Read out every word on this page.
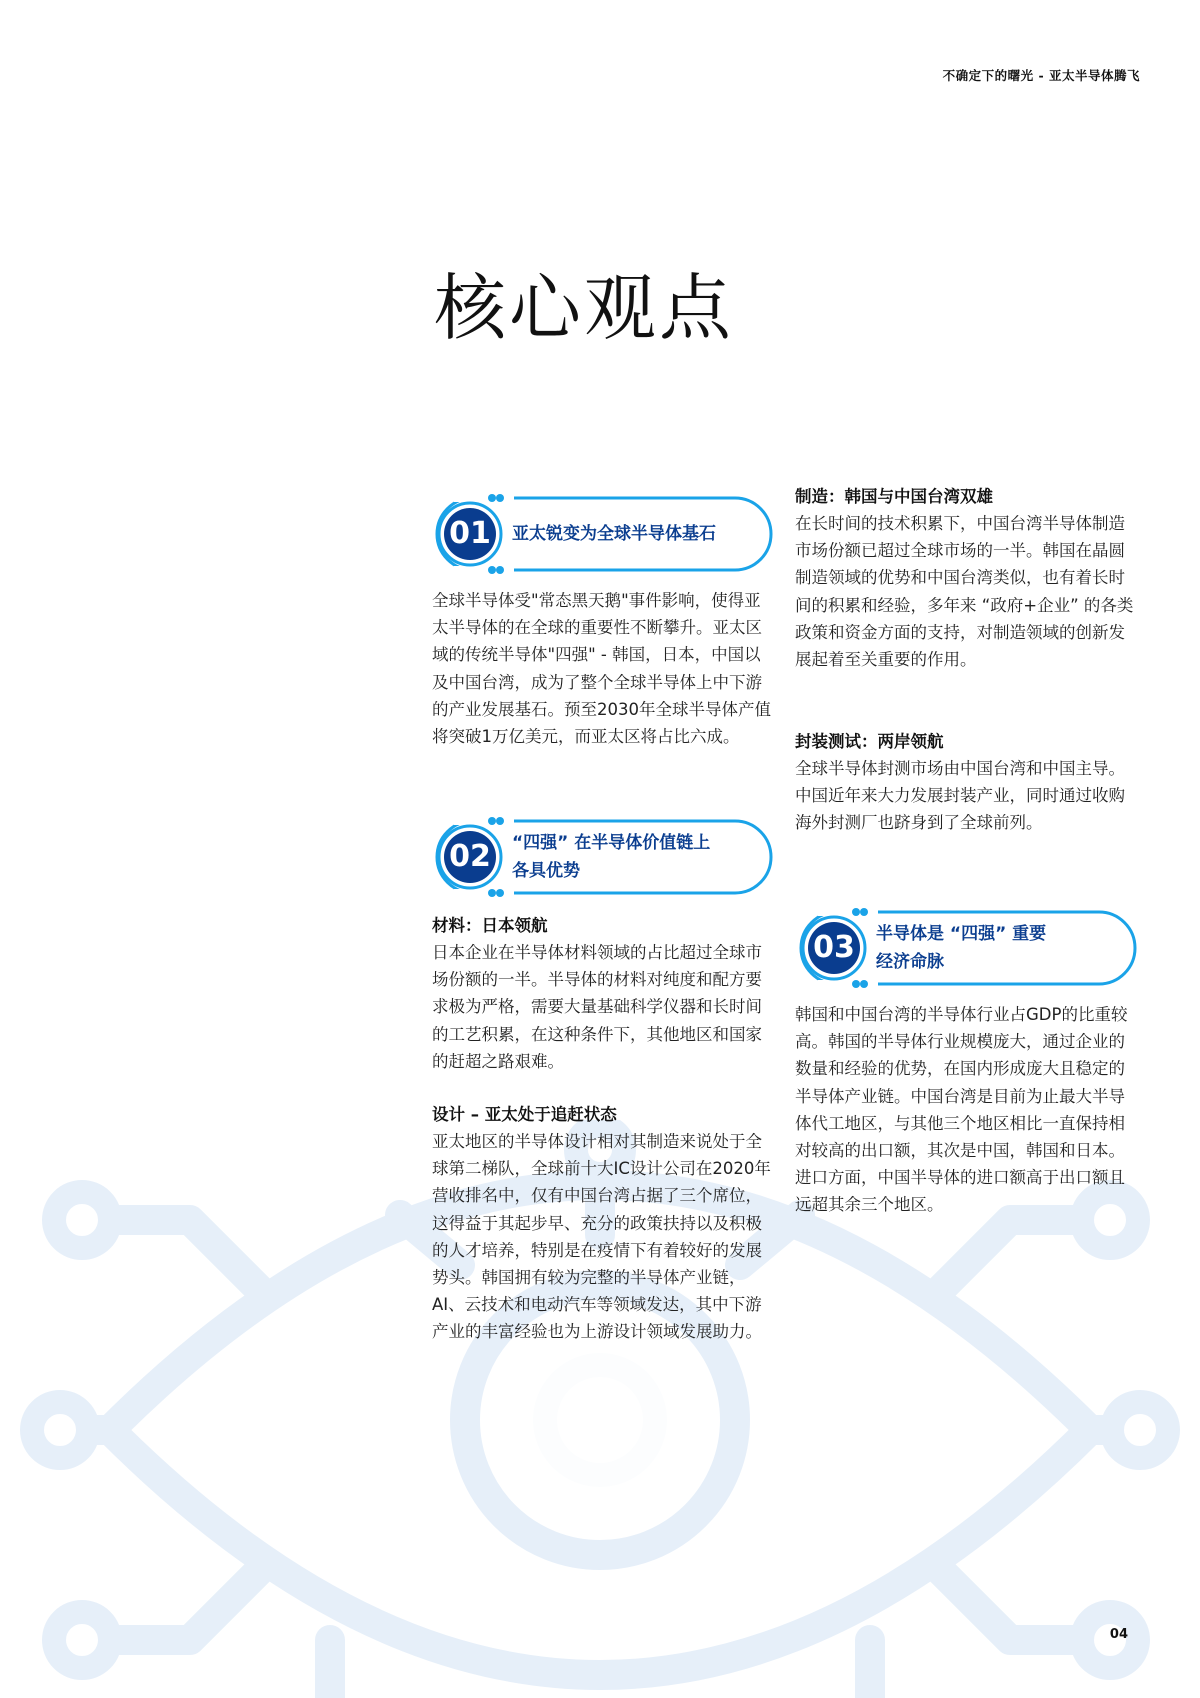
不确定下的曙光 - 亚太半导体腾飞
核心观点
01	亚太锐变为全球半导体基石

全球半导体受"常态黑天鹅"事件影响，使得亚太半导体的在全球的重要性不断攀升。亚太区域的传统半导体"四强" - 韩国，日本，中国以及中国台湾，成为了整个全球半导体上中下游的产业发展基石。预至2030年全球半导体产值将突破1万亿美元，而亚太区将占比六成。

02	“四强” 在半导体价值链上
各具优势
材料：日本领航

日本企业在半导体材料领域的占比超过全球市场份额的一半。半导体的材料对纯度和配方要求极为严格，需要大量基础科学仪器和长时间的工艺积累，在这种条件下，其他地区和国家的赶超之路艰难。

设计 – 亚太处于追赶状态

亚太地区的半导体设计相对其制造来说处于全球第二梯队，全球前十大IC设计公司在2020年营收排名中，仅有中国台湾占据了三个席位，这得益于其起步早、充分的政策扶持以及积极的人才培养，特别是在疫情下有着较好的发展势头。韩国拥有较为完整的半导体产业链，AI、云技术和电动汽车等领域发达，其中下游产业的丰富经验也为上游设计领域发展助力。

制造：韩国与中国台湾双雄

在长时间的技术积累下，中国台湾半导体制造市场份额已超过全球市场的一半。韩国在晶圆制造领域的优势和中国台湾类似，也有着长时间的积累和经验，多年来 “政府+企业” 的各类政策和资金方面的支持，对制造领域的创新发展起着至关重要的作用。

封装测试：两岸领航

全球半导体封测市场由中国台湾和中国主导。中国近年来大力发展封装产业，同时通过收购海外封测厂也跻身到了全球前列。

03	半导体是 “四强” 重要
经济命脉

韩国和中国台湾的半导体行业占GDP的比重较高。韩国的半导体行业规模庞大，通过企业的数量和经验的优势，在国内形成庞大且稳定的半导体产业链。中国台湾是目前为止最大半导体代工地区，与其他三个地区相比一直保持相对较高的出口额，其次是中国，韩国和日本。进口方面，中国半导体的进口额高于出口额且远超其余三个地区。

04
